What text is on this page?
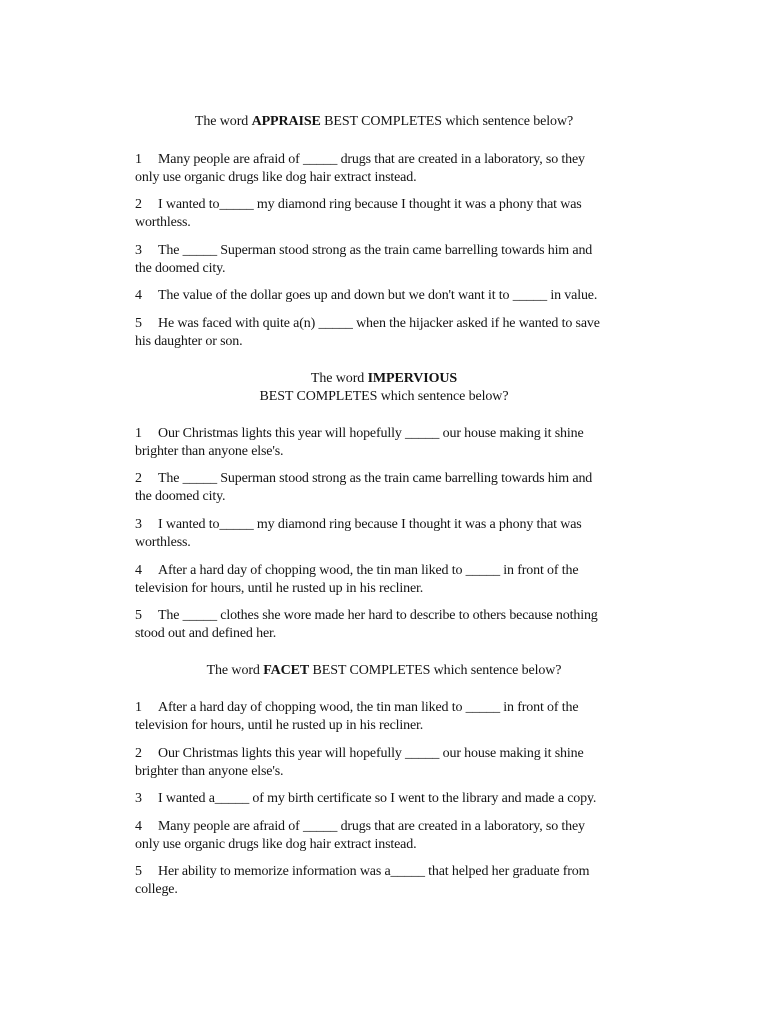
The word APPRAISE BEST COMPLETES which sentence below?
1 Many people are afraid of _____ drugs that are created in a laboratory, so they
only use organic drugs like dog hair extract instead.
2 I wanted to_____ my diamond ring because I thought it was a phony that was
worthless.
3 The _____ Superman stood strong as the train came barrelling towards him and
the doomed city.
4 The value of the dollar goes up and down but we don't want it to _____ in value.
5 He was faced with quite a(n) _____ when the hijacker asked if he wanted to save
his daughter or son.
The word IMPERVIOUS
BEST COMPLETES which sentence below?
1 Our Christmas lights this year will hopefully _____ our house making it shine
brighter than anyone else's.
2 The _____ Superman stood strong as the train came barrelling towards him and
the doomed city.
3 I wanted to_____ my diamond ring because I thought it was a phony that was
worthless.
4 After a hard day of chopping wood, the tin man liked to _____ in front of the
television for hours, until he rusted up in his recliner.
5 The _____ clothes she wore made her hard to describe to others because nothing
stood out and defined her.
The word FACET BEST COMPLETES which sentence below?
1 After a hard day of chopping wood, the tin man liked to _____ in front of the
television for hours, until he rusted up in his recliner.
2 Our Christmas lights this year will hopefully _____ our house making it shine
brighter than anyone else's.
3 I wanted a_____ of my birth certificate so I went to the library and made a copy.
4 Many people are afraid of _____ drugs that are created in a laboratory, so they
only use organic drugs like dog hair extract instead.
5 Her ability to memorize information was a_____ that helped her graduate from
college.
